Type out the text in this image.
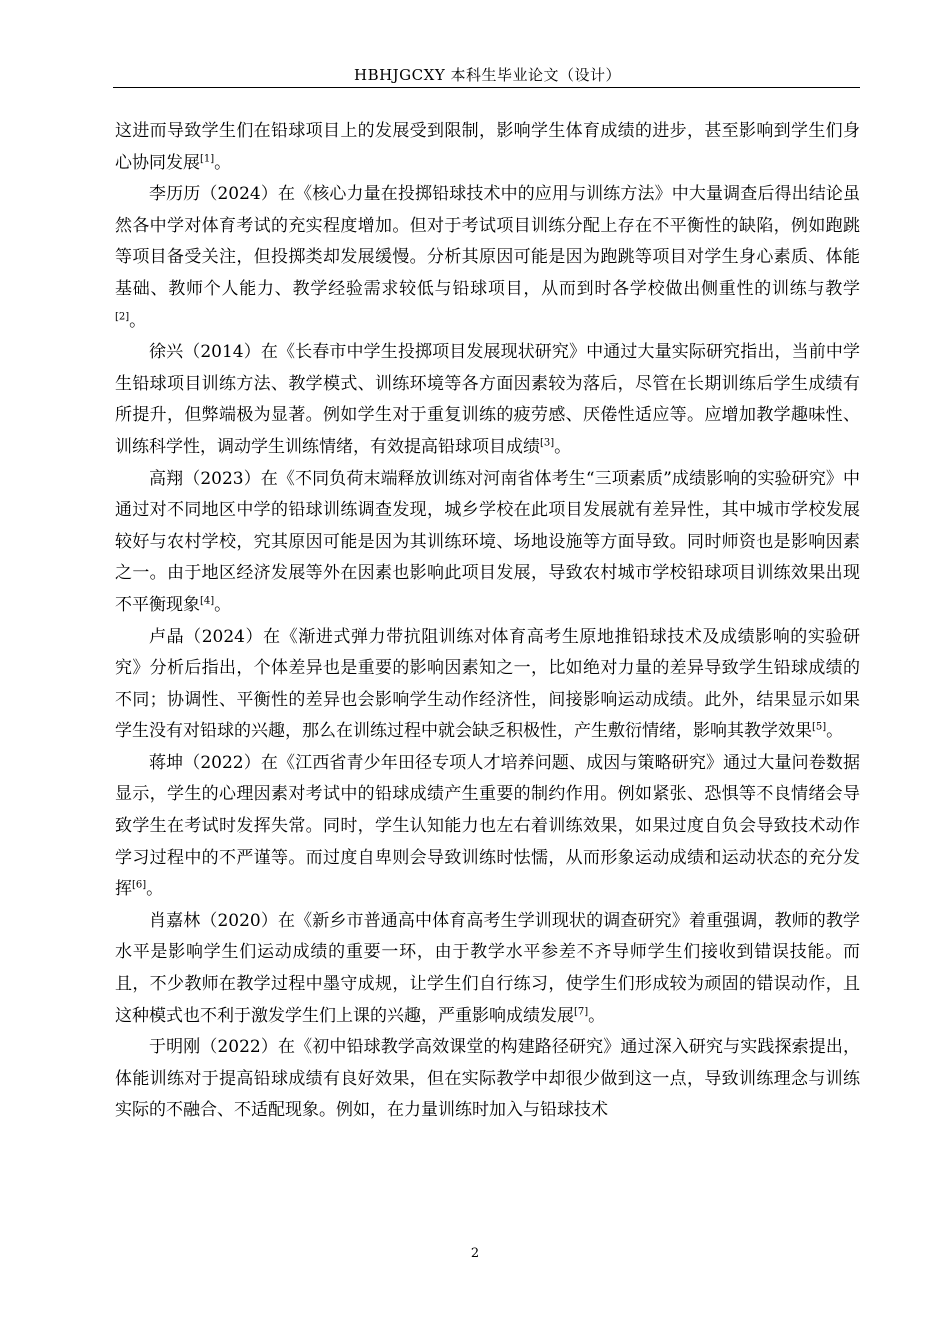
HBHJGCXY 本科生毕业论文（设计）

这进而导致学生们在铅球项目上的发展受到限制，影响学生体育成绩的进步，甚至影响到学生们身心协同发展[1]。

李历历（2024）在《核心力量在投掷铅球技术中的应用与训练方法》中大量调查后得出结论虽然各中学对体育考试的充实程度增加。但对于考试项目训练分配上存在不平衡性的缺陷，例如跑跳等项目备受关注，但投掷类却发展缓慢。分析其原因可能是因为跑跳等项目对学生身心素质、体能基础、教师个人能力、教学经验需求较低与铅球项目，从而到时各学校做出侧重性的训练与教学[2]。

徐兴（2014）在《长春市中学生投掷项目发展现状研究》中通过大量实际研究指出，当前中学生铅球项目训练方法、教学模式、训练环境等各方面因素较为落后，尽管在长期训练后学生成绩有所提升，但弊端极为显著。例如学生对于重复训练的疲劳感、厌倦性适应等。应增加教学趣味性、训练科学性，调动学生训练情绪，有效提高铅球项目成绩[3]。

高翔（2023）在《不同负荷末端释放训练对河南省体考生“三项素质”成绩影响的实验研究》中通过对不同地区中学的铅球训练调查发现，城乡学校在此项目发展就有差异性，其中城市学校发展较好与农村学校，究其原因可能是因为其训练环境、场地设施等方面导致。同时师资也是影响因素之一。由于地区经济发展等外在因素也影响此项目发展，导致农村城市学校铅球项目训练效果出现不平衡现象[4]。

卢晶（2024）在《渐进式弹力带抗阻训练对体育高考生原地推铅球技术及成绩影响的实验研究》分析后指出，个体差异也是重要的影响因素知之一，比如绝对力量的差异导致学生铅球成绩的不同；协调性、平衡性的差异也会影响学生动作经济性，间接影响运动成绩。此外，结果显示如果学生没有对铅球的兴趣，那么在训练过程中就会缺乏积极性，产生敷衍情绪，影响其教学效果[5]。

蒋坤（2022）在《江西省青少年田径专项人才培养问题、成因与策略研究》通过大量问卷数据显示，学生的心理因素对考试中的铅球成绩产生重要的制约作用。例如紧张、恐惧等不良情绪会导致学生在考试时发挥失常。同时，学生认知能力也左右着训练效果，如果过度自负会导致技术动作学习过程中的不严谨等。而过度自卑则会导致训练时怯懦，从而形象运动成绩和运动状态的充分发挥[6]。

肖嘉林（2020）在《新乡市普通高中体育高考生学训现状的调查研究》着重强调，教师的教学水平是影响学生们运动成绩的重要一环，由于教学水平参差不齐导师学生们接收到错误技能。而且，不少教师在教学过程中墨守成规，让学生们自行练习，使学生们形成较为顽固的错误动作，且这种模式也不利于激发学生们上课的兴趣，严重影响成绩发展[7]。

于明刚（2022）在《初中铅球教学高效课堂的构建路径研究》通过深入研究与实践探索提出，体能训练对于提高铅球成绩有良好效果，但在实际教学中却很少做到这一点，导致训练理念与训练实际的不融合、不适配现象。例如，在力量训练时加入与铅球技术

2
